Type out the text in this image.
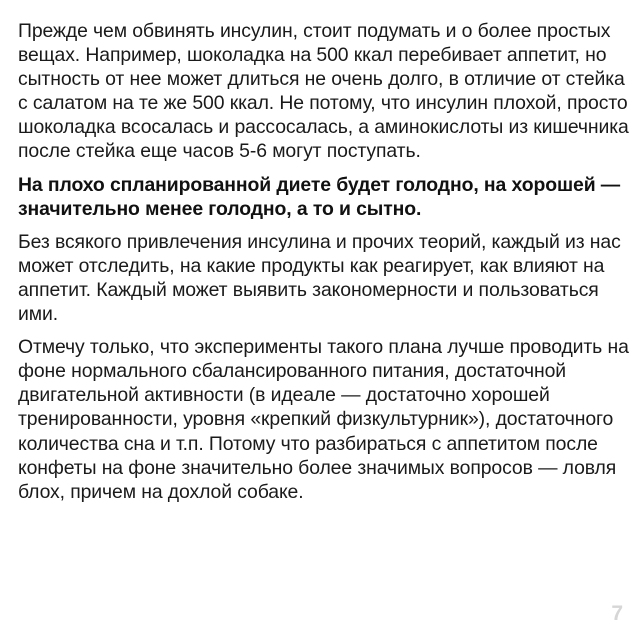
Прежде чем обвинять инсулин, стоит подумать и о более простых вещах. Например, шоколадка на 500 ккал перебивает аппетит, но сытность от нее может длиться не очень долго, в отличие от стейка с салатом на те же 500 ккал. Не потому, что инсулин плохой, просто шоколадка всосалась и рассосалась, а аминокислоты из кишечника после стейка еще часов 5-6 могут поступать.

На плохо спланированной диете будет голодно, на хорошей — значительно менее голодно, а то и сытно.

Без всякого привлечения инсулина и прочих теорий, каждый из нас может отследить, на какие продукты как реагирует, как влияют на аппетит. Каждый может выявить закономерности и пользоваться ими.

Отмечу только, что эксперименты такого плана лучше проводить на фоне нормального сбалансированного питания, достаточной двигательной активности (в идеале — достаточно хорошей тренированности, уровня «крепкий физкультурник»), достаточного количества сна и т.п. Потому что разбираться с аппетитом после конфеты на фоне значительно более значимых вопросов — ловля блох, причем на дохлой собаке.

7
